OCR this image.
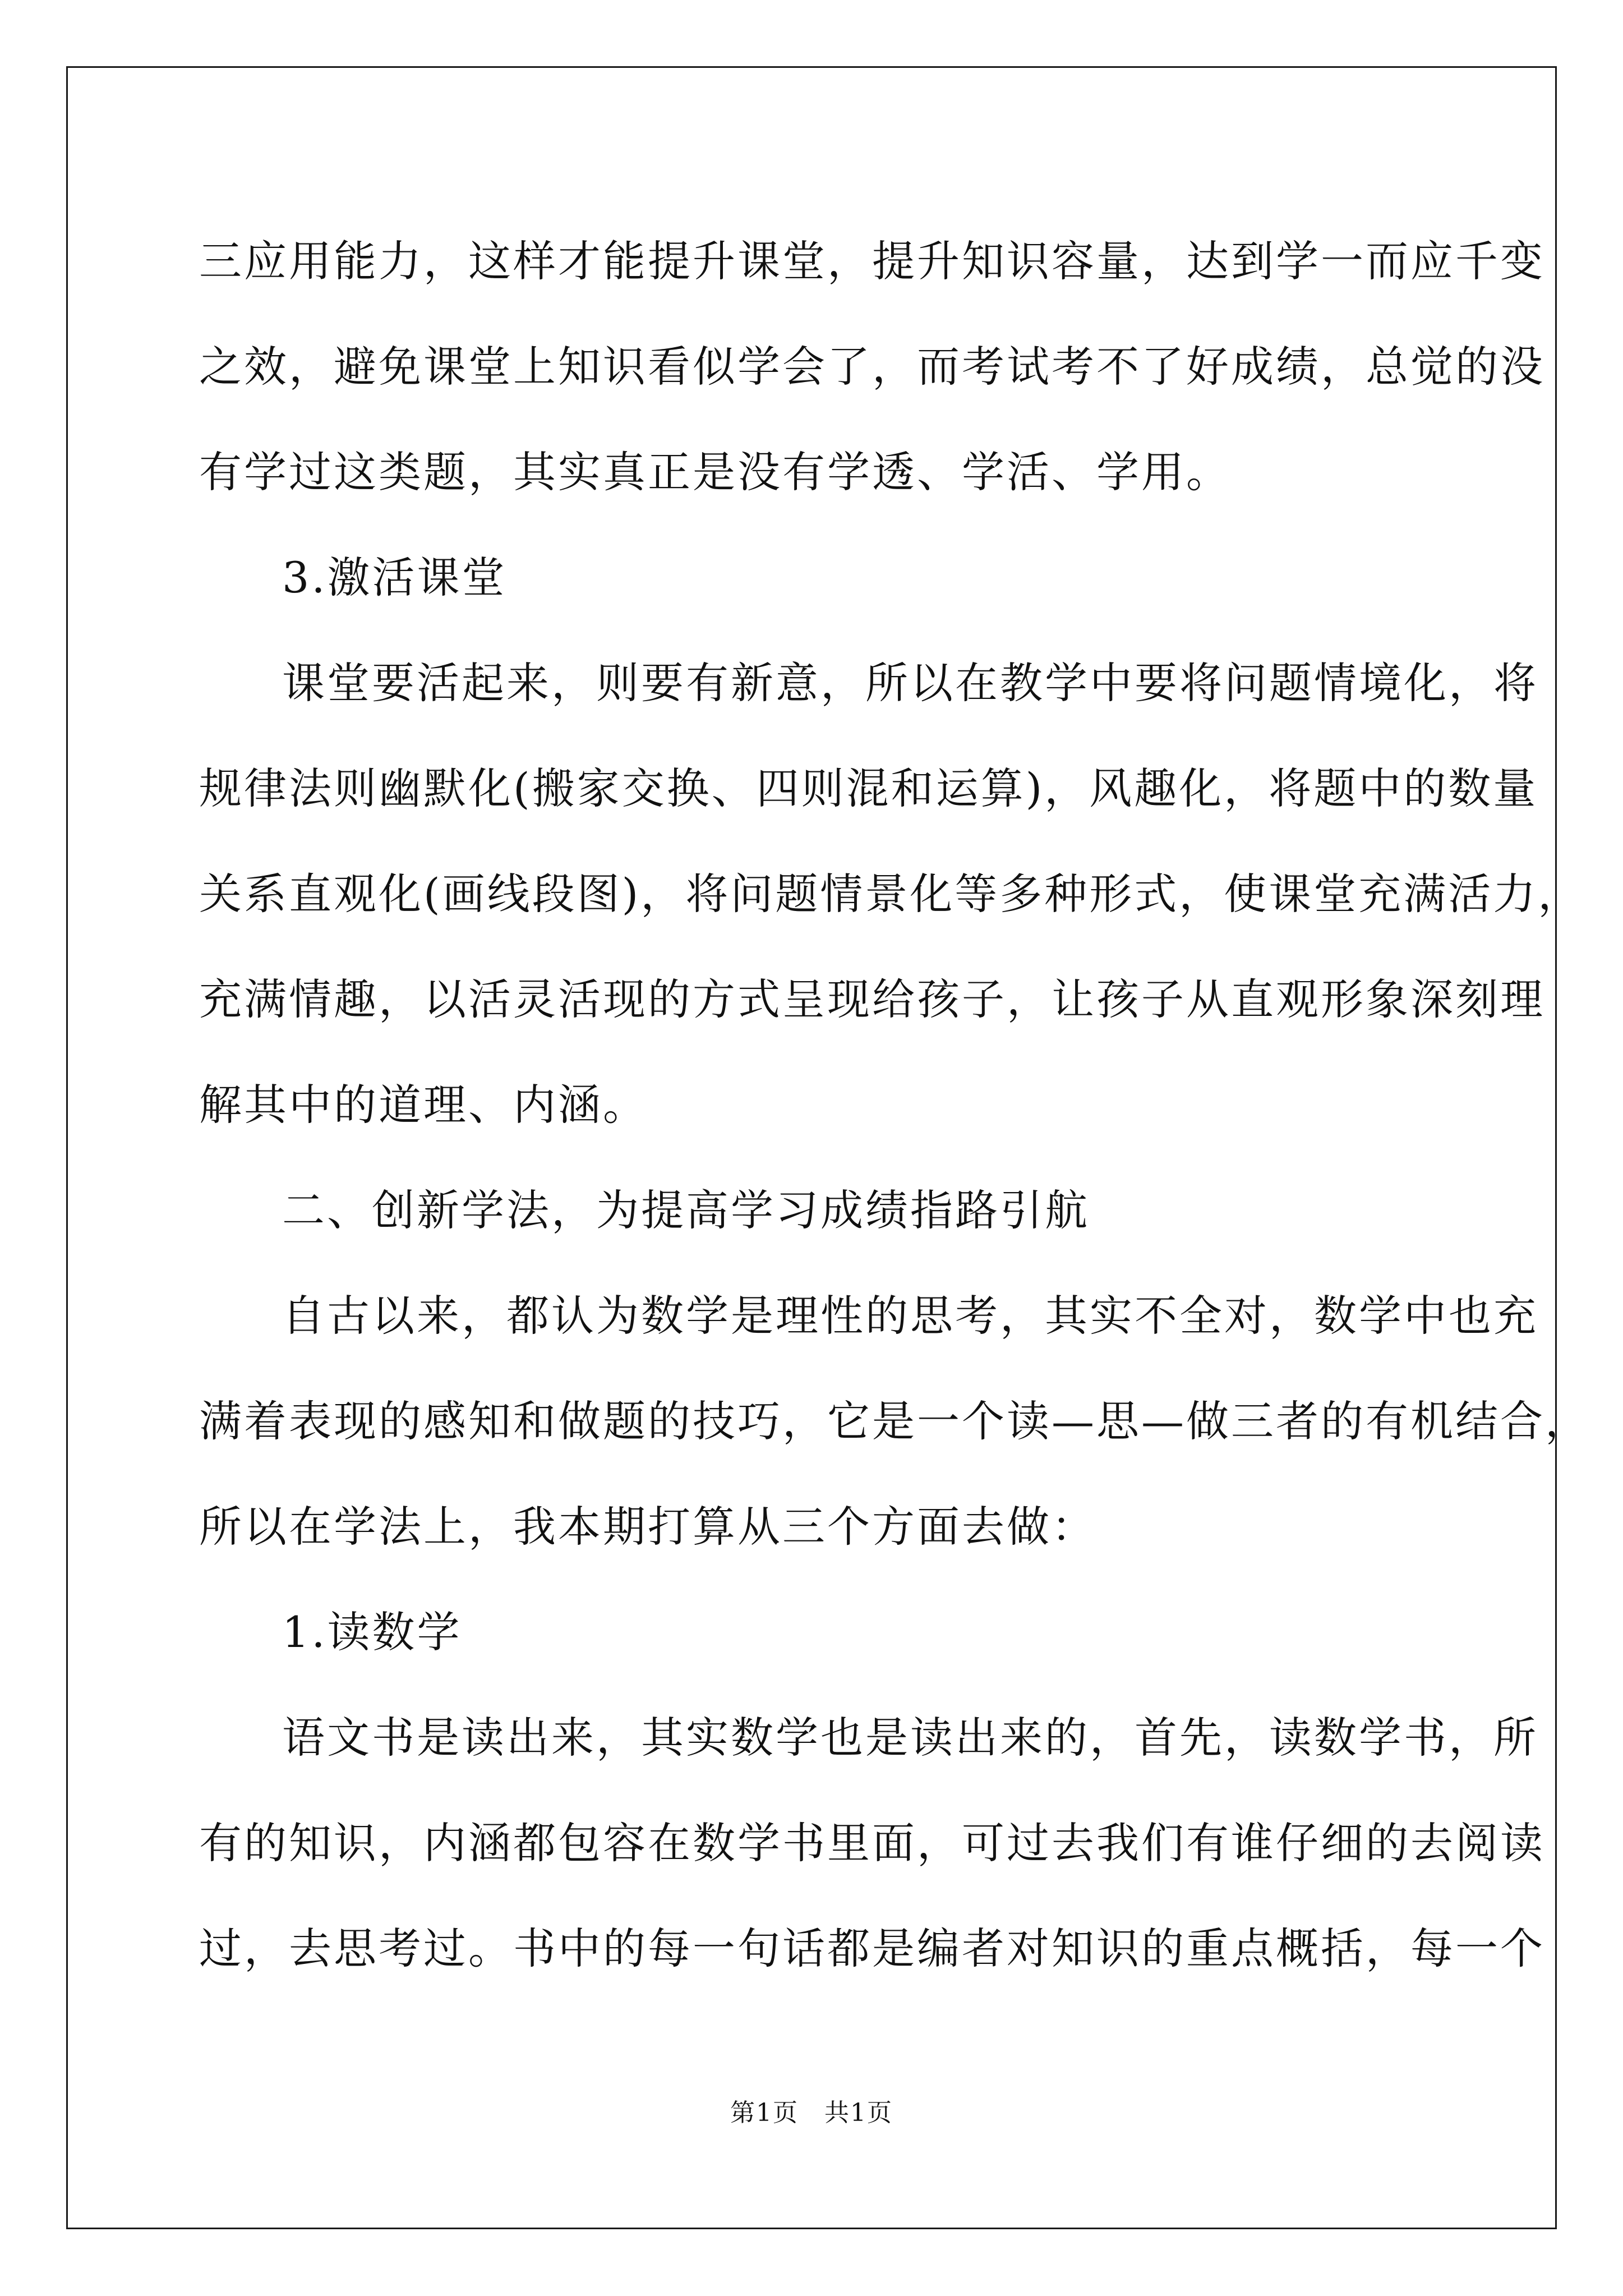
三应用能力，这样才能提升课堂，提升知识容量，达到学一而应千变
之效，避免课堂上知识看似学会了，而考试考不了好成绩，总觉的没
有学过这类题，其实真正是没有学透、学活、学用。
3.激活课堂
课堂要活起来，则要有新意，所以在教学中要将问题情境化，将
规律法则幽默化(搬家交换、四则混和运算)，风趣化，将题中的数量
关系直观化(画线段图)，将问题情景化等多种形式，使课堂充满活力，
充满情趣，以活灵活现的方式呈现给孩子，让孩子从直观形象深刻理
解其中的道理、内涵。
二、创新学法，为提高学习成绩指路引航
自古以来，都认为数学是理性的思考，其实不全对，数学中也充
满着表现的感知和做题的技巧，它是一个读—思—做三者的有机结合，
所以在学法上，我本期打算从三个方面去做：
1.读数学
语文书是读出来，其实数学也是读出来的，首先，读数学书，所
有的知识，内涵都包容在数学书里面，可过去我们有谁仔细的去阅读
过，去思考过。书中的每一句话都是编者对知识的重点概括，每一个
第1页 共1页
